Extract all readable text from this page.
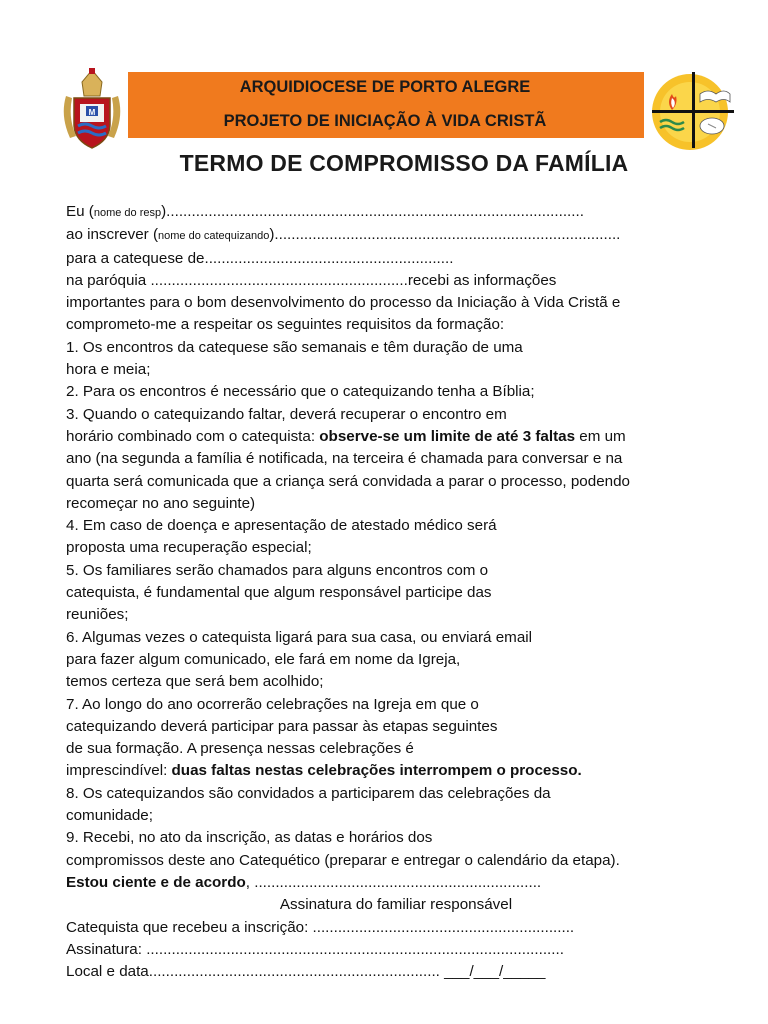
M
ARQUIDIOCESE DE PORTO ALEGRE
PROJETO DE INICIAÇÃO À VIDA CRISTÃ
TERMO DE COMPROMISSO DA FAMÍLIA
Eu (nome do resp)...................................................................................................
ao inscrever (nome do catequizando)..................................................................................
para a catequese de...........................................................
na paróquia .............................................................recebi as informações
importantes para o bom desenvolvimento do processo da Iniciação à Vida Cristã e
comprometo-me a respeitar os seguintes requisitos da formação:
1. Os encontros da catequese são semanais e têm duração de uma
hora e meia;
2. Para os encontros é necessário que o catequizando tenha a Bíblia;
3. Quando o catequizando faltar, deverá recuperar o encontro em
horário combinado com o catequista: observe-se um limite de até 3 faltas em um
ano (na segunda a família é notificada, na terceira é chamada para conversar e na
quarta será comunicada que a criança será convidada a parar o processo, podendo
recomeçar no ano seguinte)
4. Em caso de doença e apresentação de atestado médico será
proposta uma recuperação especial;
5. Os familiares serão chamados para alguns encontros com o
catequista, é fundamental que algum responsável participe das
reuniões;
6. Algumas vezes o catequista ligará para sua casa, ou enviará email
para fazer algum comunicado, ele fará em nome da Igreja,
temos certeza que será bem acolhido;
7. Ao longo do ano ocorrerão celebrações na Igreja em que o
catequizando deverá participar para passar às etapas seguintes
de sua formação. A presença nessas celebrações é
imprescindível: duas faltas nestas celebrações interrompem o processo.
8. Os catequizandos são convidados a participarem das celebrações da
comunidade;
9. Recebi, no ato da inscrição, as datas e horários dos
compromissos deste ano Catequético (preparar e entregar o calendário da etapa).
Estou ciente e de acordo, ....................................................................
Assinatura do familiar responsável
Catequista que recebeu a inscrição: ..............................................................
Assinatura: ...................................................................................................
Local e data..................................................................... ___/___/_____
